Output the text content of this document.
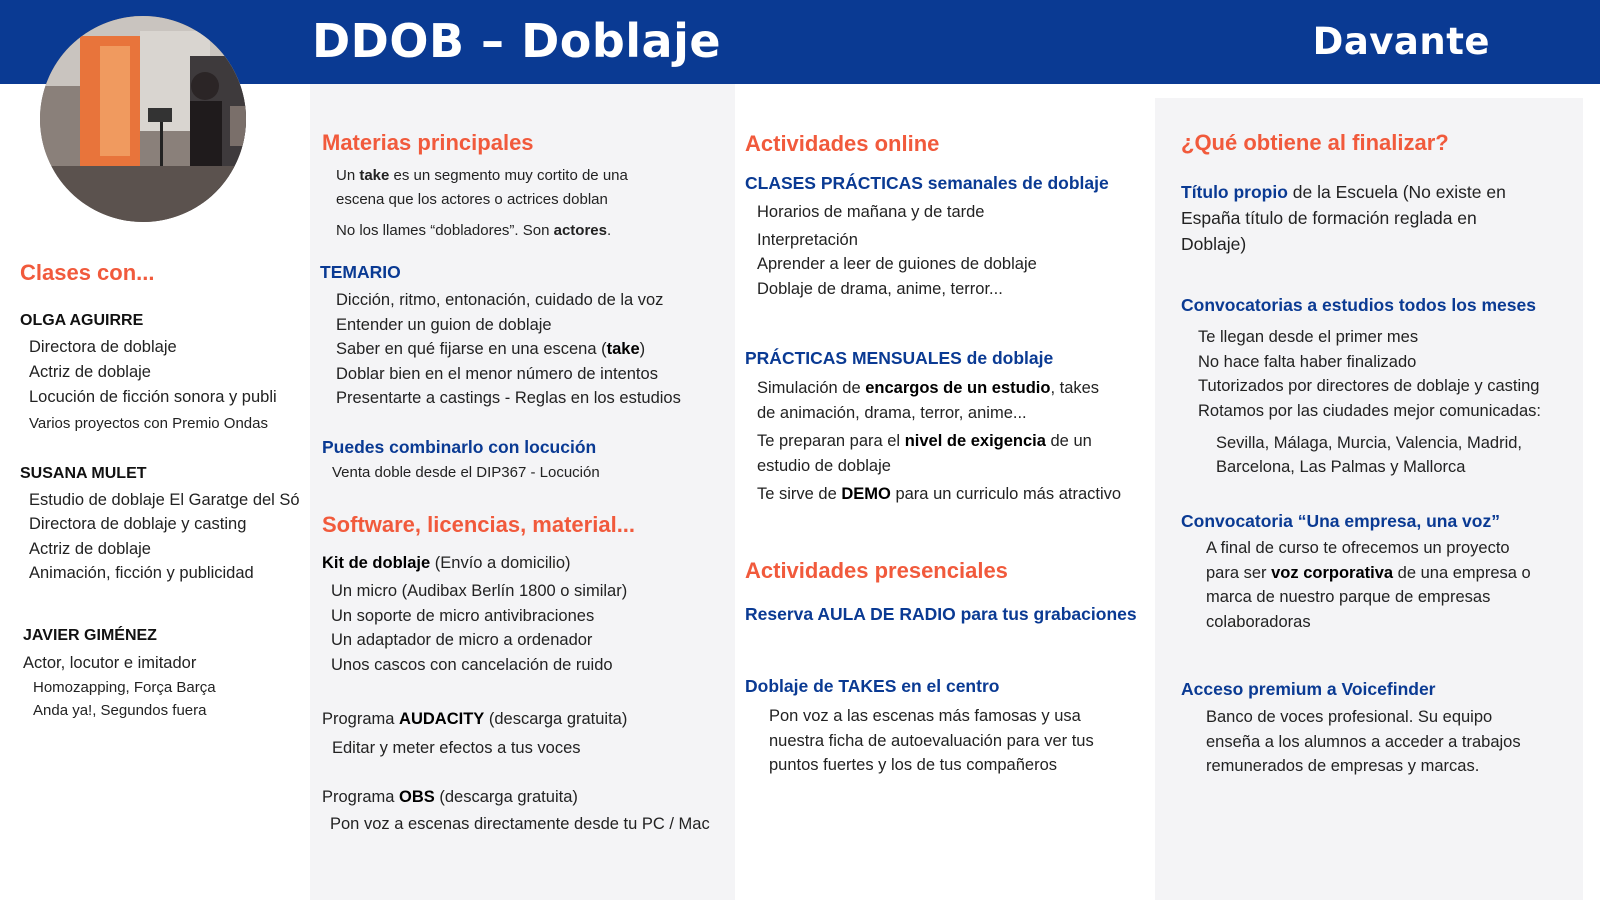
DDOB – Doblaje	Davante
Clases con...
OLGA AGUIRRE
Directora de doblaje
Actriz de doblaje
Locución de ficción sonora y publi
Varios proyectos con Premio Ondas
SUSANA MULET
Estudio de doblaje El Garatge del Só
Directora de doblaje y casting
Actriz de doblaje
Animación, ficción y publicidad
JAVIER GIMÉNEZ
Actor, locutor e imitador
Homozapping, Força Barça
Anda ya!, Segundos fuera
Materias principales
Un take es un segmento muy cortito de una
escena que los actores o actrices doblan
No los llames “dobladores”. Son actores.
TEMARIO
Dicción, ritmo, entonación, cuidado de la voz
Entender un guion de doblaje
Saber en qué fijarse en una escena (take)
Doblar bien en el menor número de intentos
Presentarte a castings - Reglas en los estudios
Puedes combinarlo con locución
Venta doble desde el DIP367 - Locución
Software, licencias, material...
Kit de doblaje (Envío a domicilio)
Un micro (Audibax Berlín 1800 o similar)
Un soporte de micro antivibraciones
Un adaptador de micro a ordenador
Unos cascos con cancelación de ruido
Programa AUDACITY (descarga gratuita)
Editar y meter efectos a tus voces
Programa OBS (descarga gratuita)
Pon voz a escenas directamente desde tu PC / Mac
Actividades online
CLASES PRÁCTICAS semanales de doblaje
Horarios de mañana y de tarde
Interpretación
Aprender a leer de guiones de doblaje
Doblaje de drama, anime, terror...
PRÁCTICAS MENSUALES de doblaje
Simulación de encargos de un estudio, takes
de animación, drama, terror, anime...
Te preparan para el nivel de exigencia de un
estudio de doblaje
Te sirve de DEMO para un curriculo más atractivo
Actividades presenciales
Reserva AULA DE RADIO para tus grabaciones
Doblaje de TAKES en el centro
Pon voz a las escenas más famosas y usa
nuestra ficha de autoevaluación para ver tus
puntos fuertes y los de tus compañeros
¿Qué obtiene al finalizar?
Título propio de la Escuela (No existe en
España título de formación reglada en
Doblaje)
Convocatorias a estudios todos los meses
Te llegan desde el primer mes
No hace falta haber finalizado
Tutorizados por directores de doblaje y casting
Rotamos por las ciudades mejor comunicadas:
Sevilla, Málaga, Murcia, Valencia, Madrid,
Barcelona, Las Palmas y Mallorca
Convocatoria “Una empresa, una voz”
A final de curso te ofrecemos un proyecto
para ser voz corporativa de una empresa o
marca de nuestro parque de empresas
colaboradoras
Acceso premium a Voicefinder
Banco de voces profesional. Su equipo
enseña a los alumnos a acceder a trabajos
remunerados de empresas y marcas.
